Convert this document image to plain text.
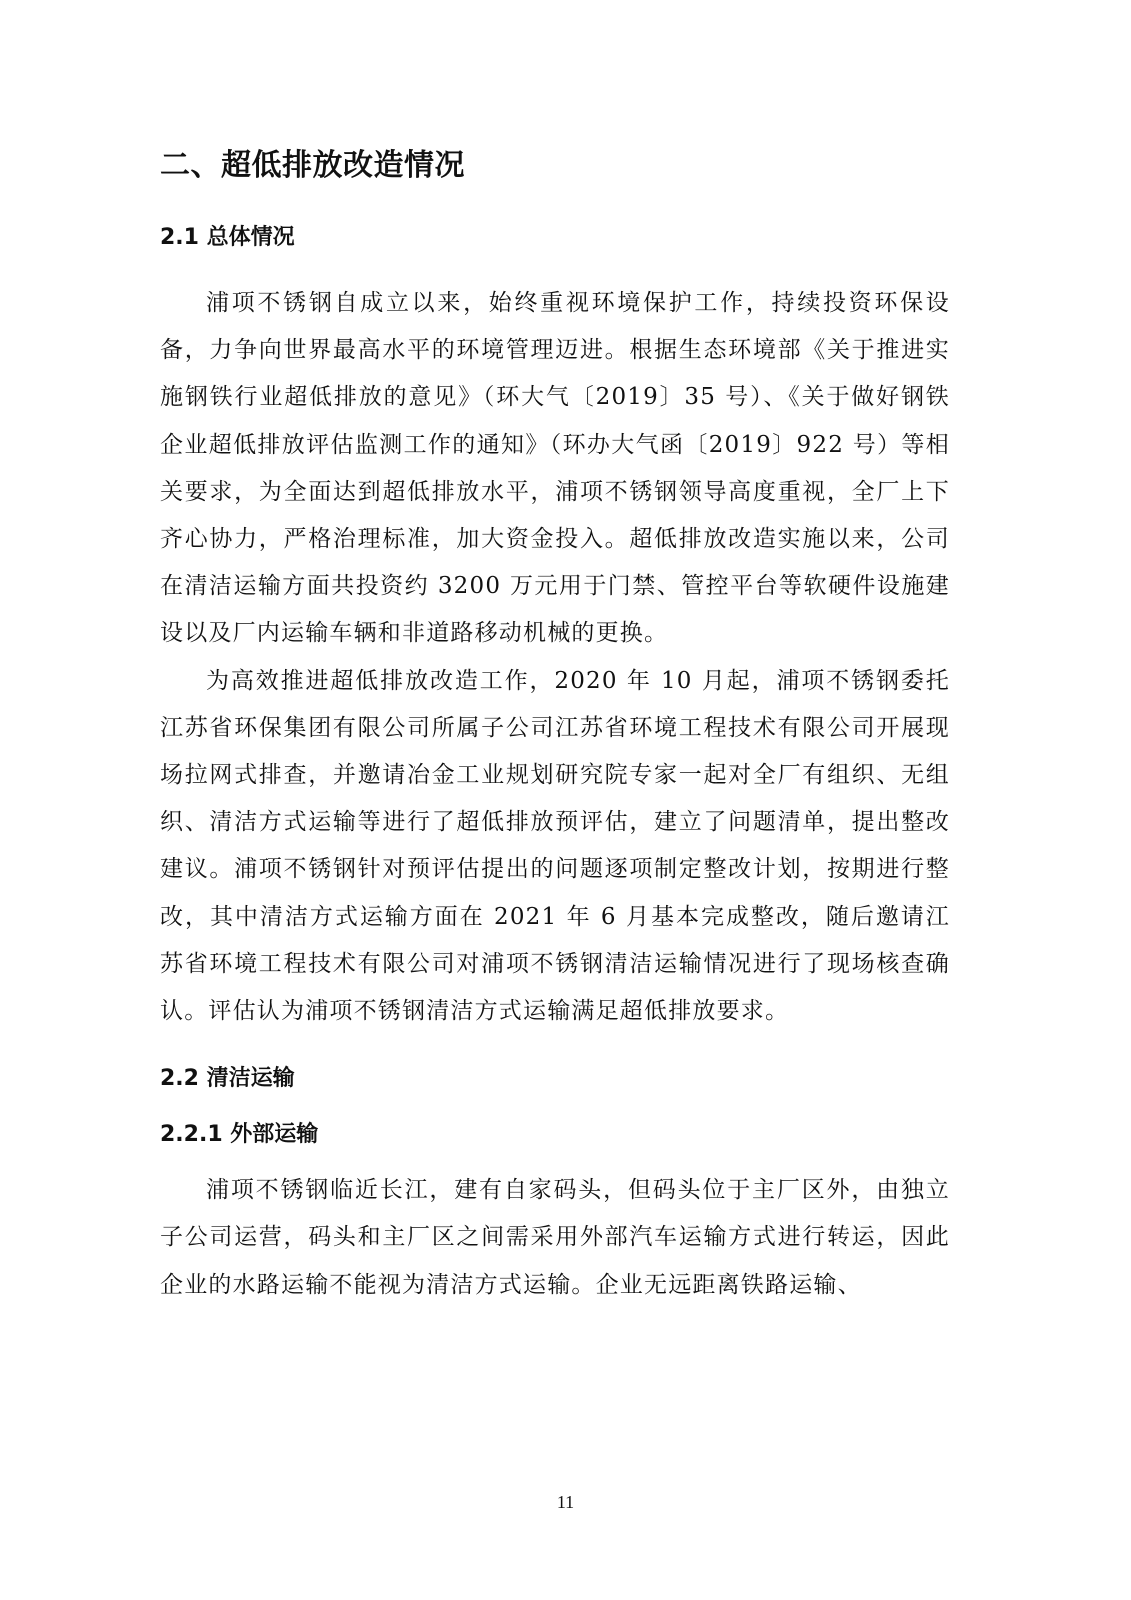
二、超低排放改造情况
2.1 总体情况

浦项不锈钢自成立以来，始终重视环境保护工作，持续投资环保设备，力争向世界最高水平的环境管理迈进。根据生态环境部《关于推进实施钢铁行业超低排放的意见》（环大气〔2019〕35 号）、《关于做好钢铁企业超低排放评估监测工作的通知》（环办大气函〔2019〕922 号）等相关要求，为全面达到超低排放水平，浦项不锈钢领导高度重视，全厂上下齐心协力，严格治理标准，加大资金投入。超低排放改造实施以来，公司在清洁运输方面共投资约 3200 万元用于门禁、管控平台等软硬件设施建设以及厂内运输车辆和非道路移动机械的更换。

为高效推进超低排放改造工作，2020 年 10 月起，浦项不锈钢委托江苏省环保集团有限公司所属子公司江苏省环境工程技术有限公司开展现场拉网式排查，并邀请冶金工业规划研究院专家一起对全厂有组织、无组织、清洁方式运输等进行了超低排放预评估，建立了问题清单，提出整改建议。浦项不锈钢针对预评估提出的问题逐项制定整改计划，按期进行整改，其中清洁方式运输方面在 2021 年 6 月基本完成整改，随后邀请江苏省环境工程技术有限公司对浦项不锈钢清洁运输情况进行了现场核查确认。评估认为浦项不锈钢清洁方式运输满足超低排放要求。

2.2 清洁运输
2.2.1 外部运输

浦项不锈钢临近长江，建有自家码头，但码头位于主厂区外，由独立子公司运营，码头和主厂区之间需采用外部汽车运输方式进行转运，因此企业的水路运输不能视为清洁方式运输。企业无远距离铁路运输、

11
